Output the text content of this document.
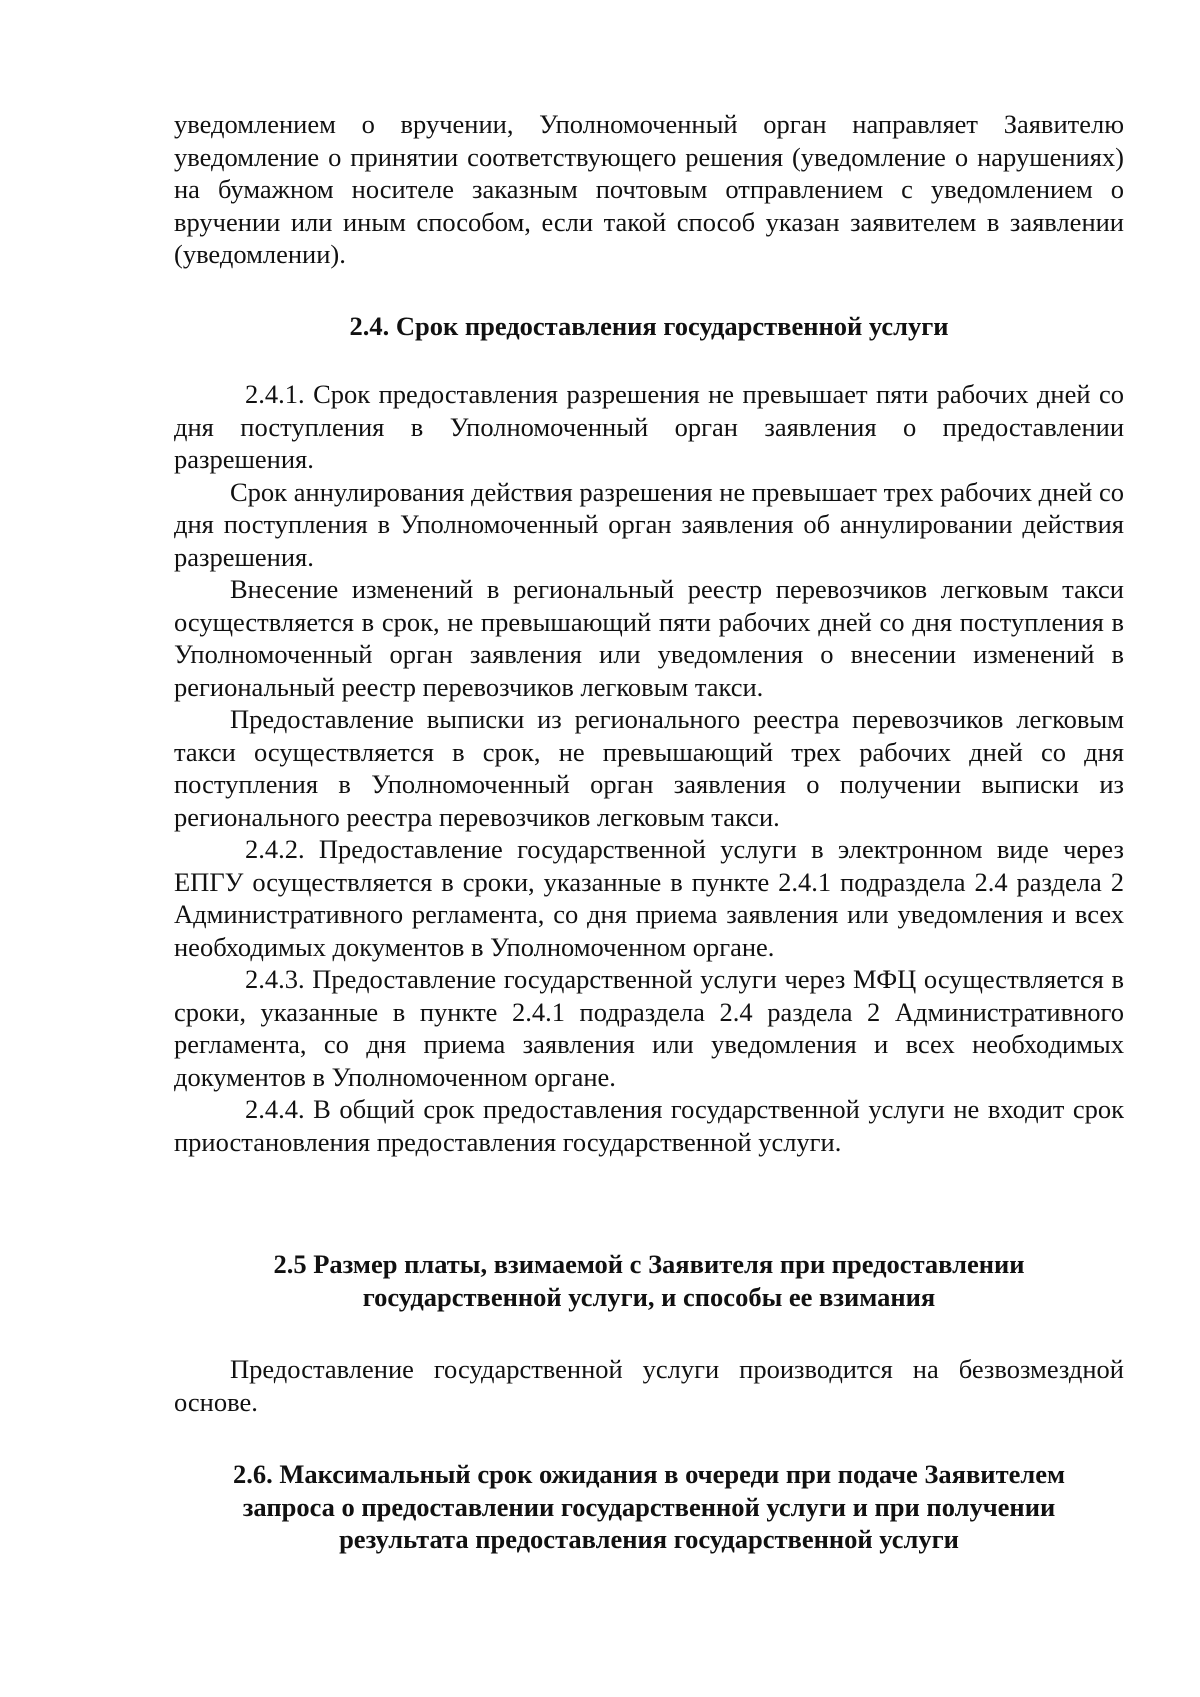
уведомлением о вручении, Уполномоченный орган направляет Заявителю уведомление о принятии соответствующего решения (уведомление о нарушениях) на бумажном носителе заказным почтовым отправлением с уведомлением о вручении или иным способом, если такой способ указан заявителем в заявлении (уведомлении).

2.4. Срок предоставления государственной услуги

2.4.1. Срок предоставления разрешения не превышает пяти рабочих дней со дня поступления в Уполномоченный орган заявления о предоставлении разрешения.

Срок аннулирования действия разрешения не превышает трех рабочих дней со дня поступления в Уполномоченный орган заявления об аннулировании действия разрешения.

Внесение изменений в региональный реестр перевозчиков легковым такси осуществляется в срок, не превышающий пяти рабочих дней со дня поступления в Уполномоченный орган заявления или уведомления о внесении изменений в региональный реестр перевозчиков легковым такси.

Предоставление выписки из регионального реестра перевозчиков легковым такси осуществляется в срок, не превышающий трех рабочих дней со дня поступления в Уполномоченный орган заявления о получении выписки из регионального реестра перевозчиков легковым такси.

2.4.2. Предоставление государственной услуги в электронном виде через ЕПГУ осуществляется в сроки, указанные в пункте 2.4.1 подраздела 2.4 раздела 2 Административного регламента, со дня приема заявления или уведомления и всех необходимых документов в Уполномоченном органе.

2.4.3. Предоставление государственной услуги через МФЦ осуществляется в сроки, указанные в пункте 2.4.1 подраздела 2.4 раздела 2 Административного регламента, со дня приема заявления или уведомления и всех необходимых документов в Уполномоченном органе.

2.4.4. В общий срок предоставления государственной услуги не входит срок приостановления предоставления государственной услуги.

2.5 Размер платы, взимаемой с Заявителя при предоставлении государственной услуги, и способы ее взимания

Предоставление государственной услуги производится на безвозмездной основе.

2.6. Максимальный срок ожидания в очереди при подаче Заявителем запроса о предоставлении государственной услуги и при получении результата предоставления государственной услуги
